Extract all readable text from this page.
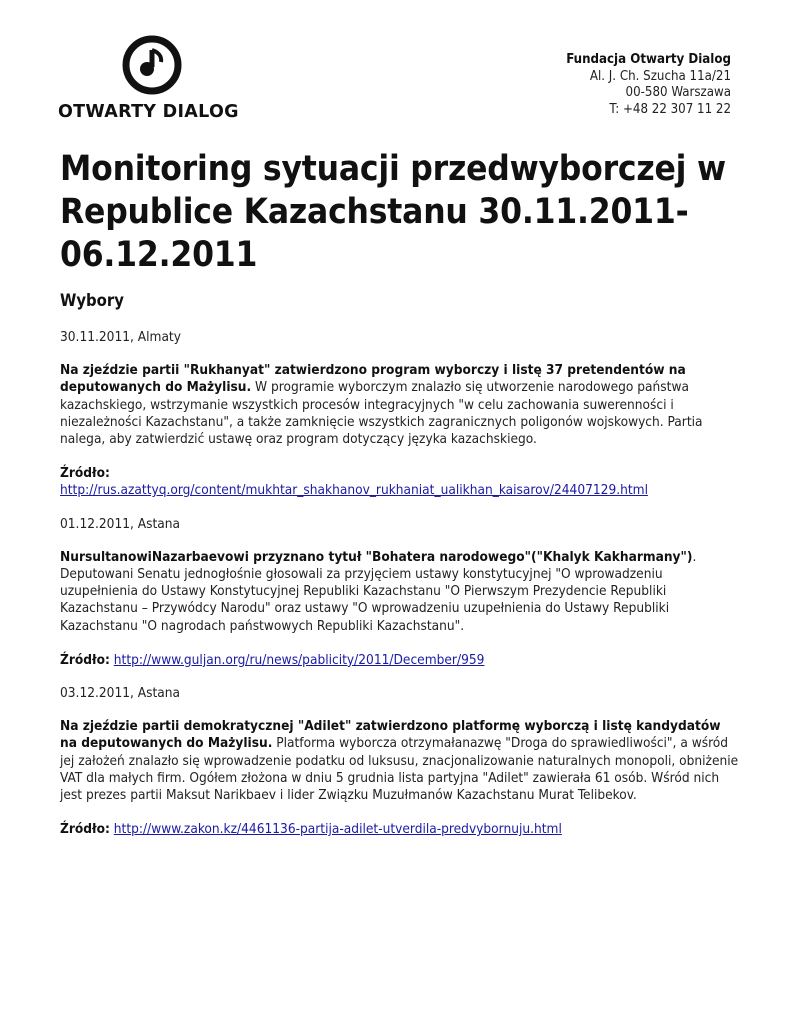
OTWARTY DIALOG
Fundacja Otwarty Dialog
Al. J. Ch. Szucha 11a/21
00-580 Warszawa
T: +48 22 307 11 22
Monitoring sytuacji przedwyborczej w Republice Kazachstanu 30.11.2011-06.12.2011
Wybory
30.11.2011, Almaty
Na zjeździe partii "Rukhanyat" zatwierdzono program wyborczy i listę 37 pretendentów na deputowanych do Mażylisu. W programie wyborczym znalazło się utworzenie narodowego państwa kazachskiego, wstrzymanie wszystkich procesów integracyjnych "w celu zachowania suwerenności i niezależności Kazachstanu", a także zamknięcie wszystkich zagranicznych poligonów wojskowych. Partia nalega, aby zatwierdzić ustawę oraz program dotyczący języka kazachskiego.
Źródło:
http://rus.azattyq.org/content/mukhtar_shakhanov_rukhaniat_ualikhan_kaisarov/24407129.html
01.12.2011, Astana
NursultanowiNazarbaevowi przyznano tytuł "Bohatera narodowego"("Khalyk Kakharmany"). Deputowani Senatu jednogłośnie głosowali za przyjęciem ustawy konstytucyjnej "O wprowadzeniu uzupełnienia do Ustawy Konstytucyjnej Republiki Kazachstanu "O Pierwszym Prezydencie Republiki Kazachstanu – Przywódcy Narodu" oraz ustawy "O wprowadzeniu uzupełnienia do Ustawy Republiki Kazachstanu "O nagrodach państwowych Republiki Kazachstanu".
Źródło: http://www.guljan.org/ru/news/pablicity/2011/December/959
03.12.2011, Astana
Na zjeździe partii demokratycznej "Adilet" zatwierdzono platformę wyborczą i listę kandydatów na deputowanych do Mażylisu. Platforma wyborcza otrzymałanazwę "Droga do sprawiedliwości", a wśród jej założeń znalazło się wprowadzenie podatku od luksusu, znacjonalizowanie naturalnych monopoli, obniżenie VAT dla małych firm. Ogółem złożona w dniu 5 grudnia lista partyjna "Adilet" zawierała 61 osób. Wśród nich jest prezes partii Maksut Narikbaev i lider Związku Muzułmanów Kazachstanu Murat Telibekov.
Źródło: http://www.zakon.kz/4461136-partija-adilet-utverdila-predvybornuju.html
